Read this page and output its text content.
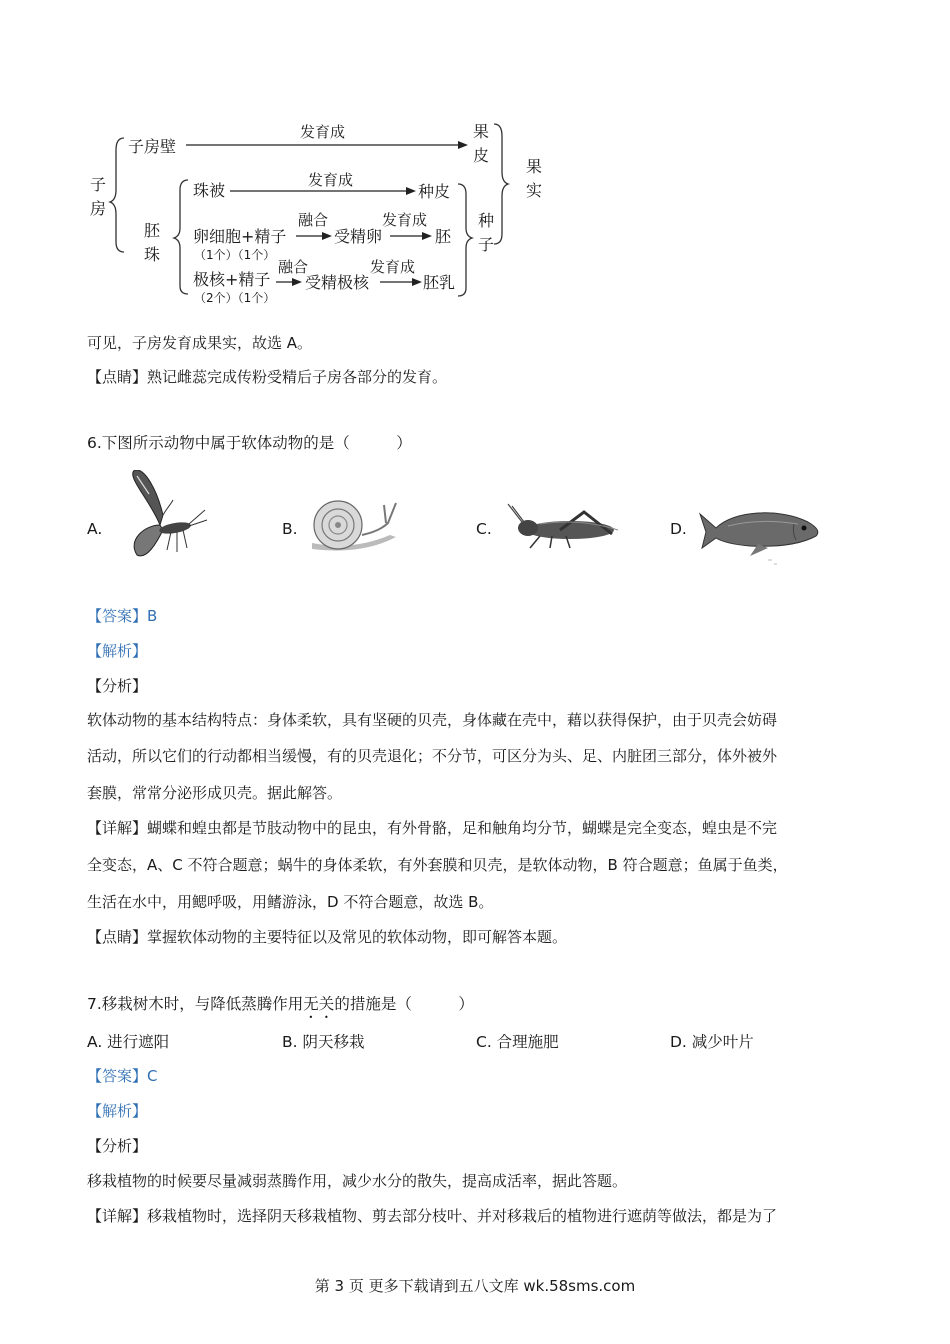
子
房
子房壁
发育成	果
皮
胚
珠
珠被
发育成
种皮
卵细胞+精子
（1个）（1个）
融合
受精卵
发育成
胚
极核+精子
（2个）（1个）
融合
受精极核
发育成
胚乳
种
子
果
实
可见，子房发育成果实，故选 A。
【点睛】熟记雌蕊完成传粉受精后子房各部分的发育。
6.下图所示动物中属于软体动物的是（　　　）
A.	B.	C.	D.
【答案】B
【解析】
【分析】
软体动物的基本结构特点：身体柔软，具有坚硬的贝壳，身体藏在壳中，藉以获得保护，由于贝壳会妨碍
活动，所以它们的行动都相当缓慢，有的贝壳退化；不分节，可区分为头、足、内脏团三部分，体外被外
套膜，常常分泌形成贝壳。据此解答。
【详解】蝴蝶和蝗虫都是节肢动物中的昆虫，有外骨骼，足和触角均分节，蝴蝶是完全变态，蝗虫是不完
全变态，A、C 不符合题意；蜗牛的身体柔软，有外套膜和贝壳，是软体动物，B 符合题意；鱼属于鱼类，
生活在水中，用鳃呼吸，用鳍游泳，D 不符合题意，故选 B。
【点睛】掌握软体动物的主要特征以及常见的软体动物，即可解答本题。
7.移栽树木时，与降低蒸腾作用无关的措施是（　　　）
A. 进行遮阳	B. 阴天移栽	C. 合理施肥	D. 减少叶片
【答案】C
【解析】
【分析】
移栽植物的时候要尽量减弱蒸腾作用，减少水分的散失，提高成活率，据此答题。
【详解】移栽植物时，选择阴天移栽植物、剪去部分枝叶、并对移栽后的植物进行遮荫等做法，都是为了
第 3 页 更多下载请到五八文库 wk.58sms.com
